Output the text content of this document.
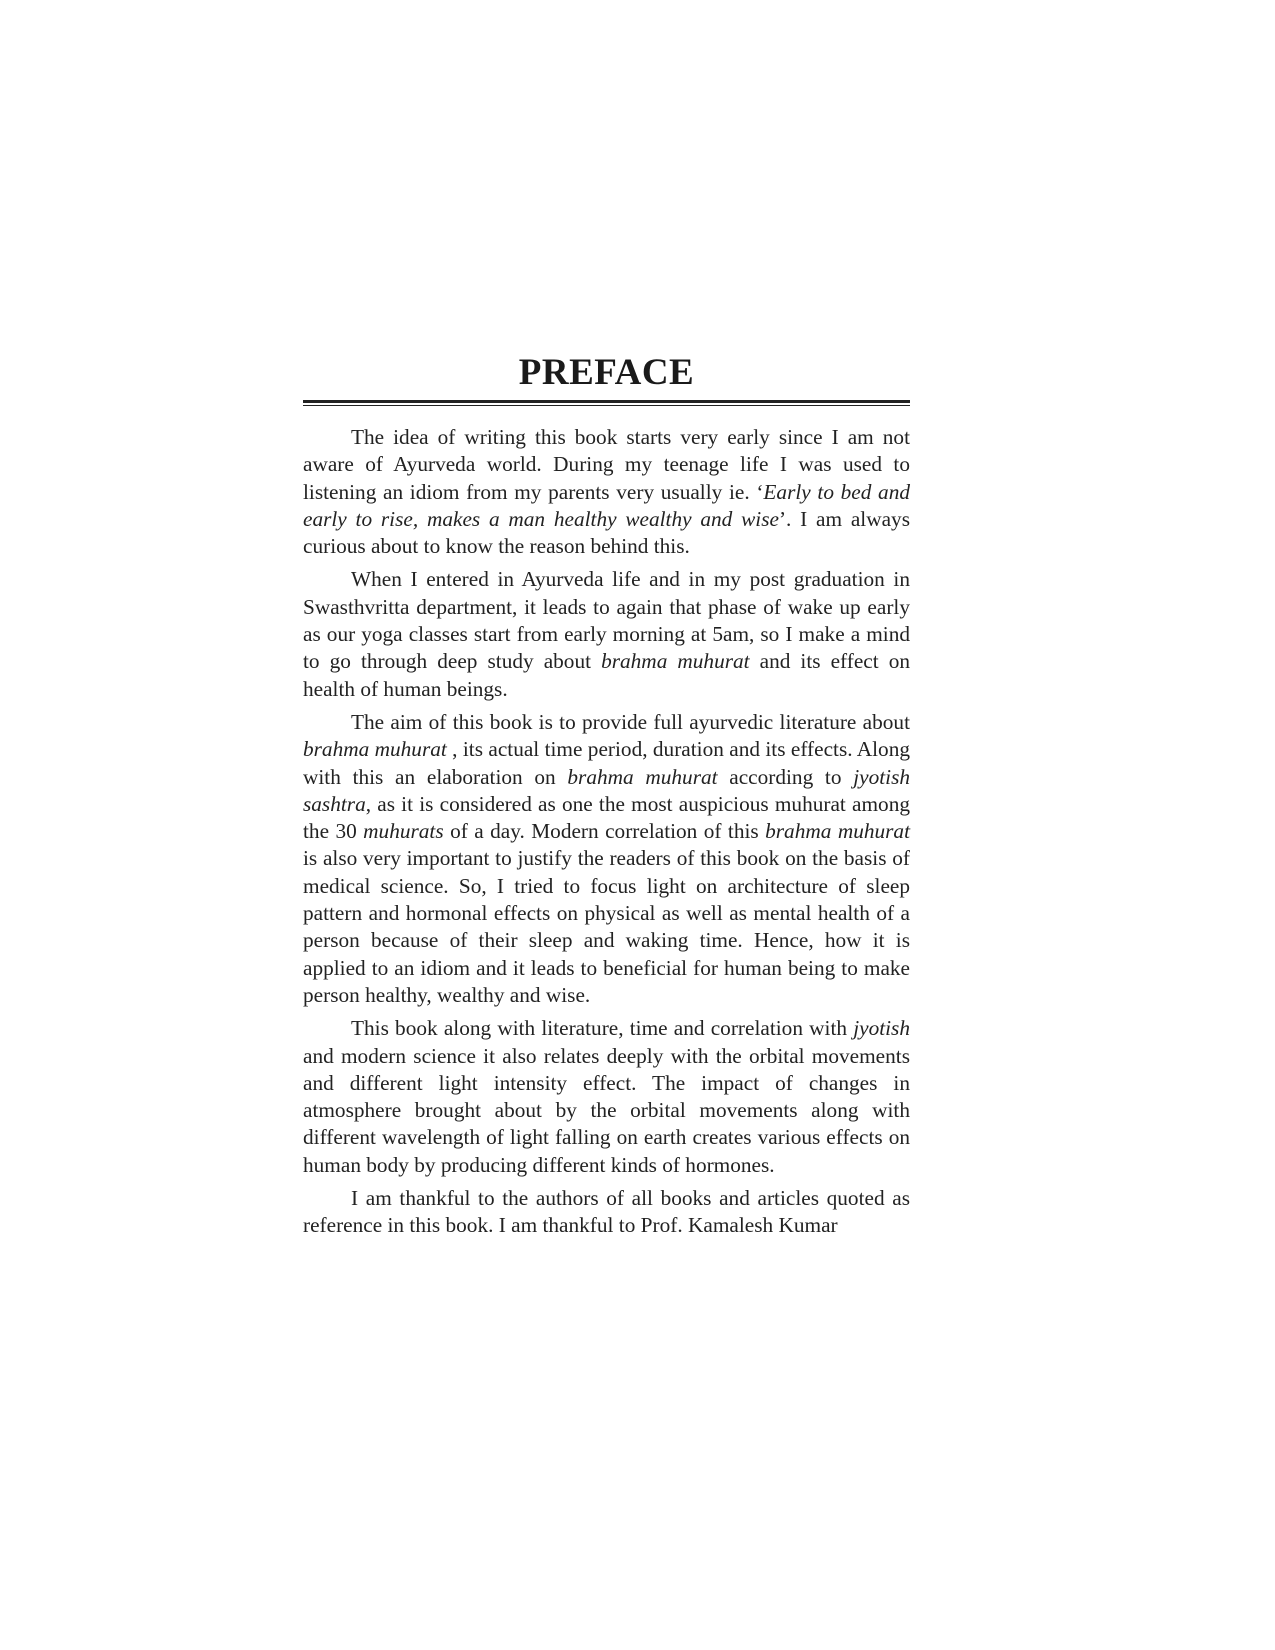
PREFACE

The idea of writing this book starts very early since I am not aware of Ayurveda world. During my teenage life I was used to listening an idiom from my parents very usually ie. ‘Early to bed and early to rise, makes a man healthy wealthy and wise’. I am always curious about to know the reason behind this.

When I entered in Ayurveda life and in my post graduation in Swasthvritta department, it leads to again that phase of wake up early as our yoga classes start from early morning at 5am, so I make a mind to go through deep study about brahma muhurat and its effect on health of human beings.

The aim of this book is to provide full ayurvedic literature about brahma muhurat , its actual time period, duration and its effects. Along with this an elaboration on brahma muhurat according to jyotish sashtra, as it is considered as one the most auspicious muhurat among the 30 muhurats of a day. Modern correlation of this brahma muhurat is also very important to justify the readers of this book on the basis of medical science. So, I tried to focus light on architecture of sleep pattern and hormonal effects on physical as well as mental health of a person because of their sleep and waking time. Hence, how it is applied to an idiom and it leads to beneficial for human being to make person healthy, wealthy and wise.

This book along with literature, time and correlation with jyotish and modern science it also relates deeply with the orbital movements and different light intensity effect. The impact of changes in atmosphere brought about by the orbital movements along with different wavelength of light falling on earth creates various effects on human body by producing different kinds of hormones.

I am thankful to the authors of all books and articles quoted as reference in this book. I am thankful to Prof. Kamalesh Kumar
